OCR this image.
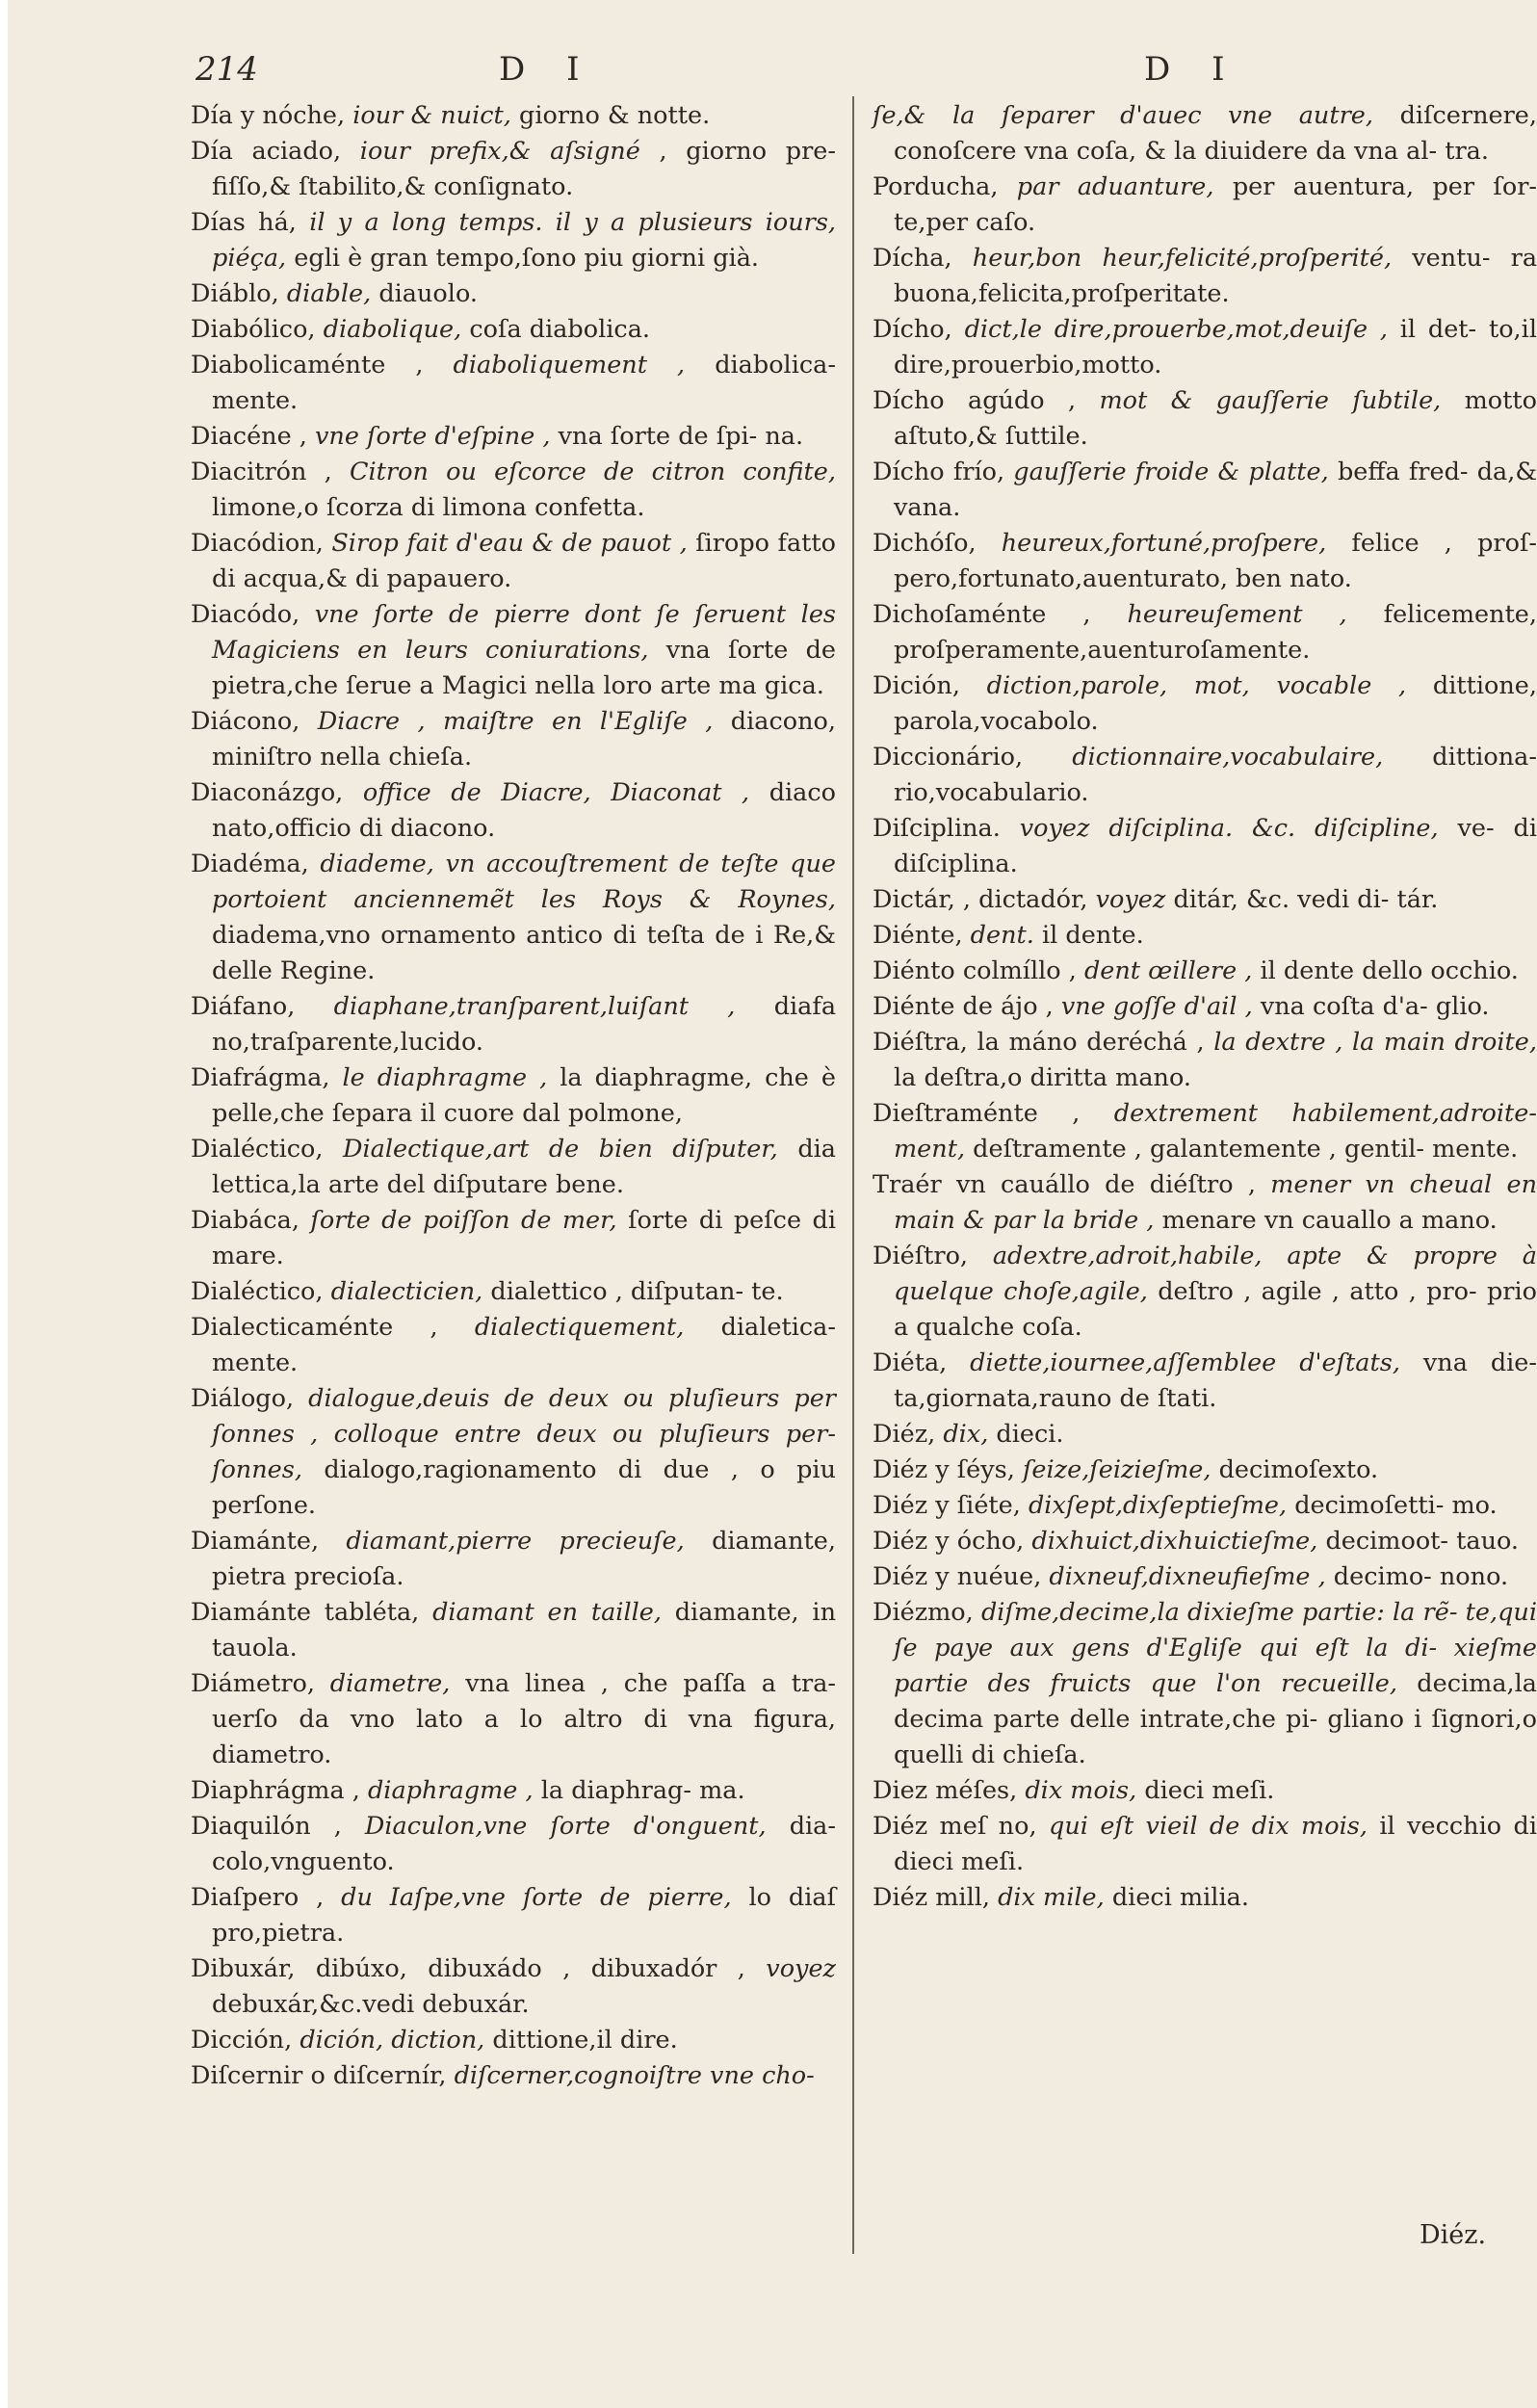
214	D I	D I

Día y nóche, iour & nuict, giorno & notte.

Día aciado, iour prefix,& aſsigné , giorno pre- fiſſo,& ſtabilito,& conſignato.

Días há, il y a long temps. il y a plusieurs iours, piéça, egli è gran tempo,ſono piu giorni già.

Diáblo, diable, diauolo.

Diabólico, diabolique, coſa diabolica.

Diabolicaménte , diaboliquement , diabolica- mente.

Diacéne , vne ſorte d'eſpine , vna ſorte de ſpi- na.

Diacitrón , Citron ou eſcorce de citron confite, limone,o ſcorza di limona confetta.

Diacódion, Sirop fait d'eau & de pauot , ſiropo fatto di acqua,& di papauero.

Diacódo, vne ſorte de pierre dont ſe ſeruent les Magiciens en leurs coniurations, vna ſorte de pietra,che ſerue a Magici nella loro arte ma gica.

Diácono, Diacre , maiſtre en l'Egliſe , diacono, miniſtro nella chieſa.

Diaconázgo, office de Diacre, Diaconat , diaco nato,officio di diacono.

Diadéma, diademe, vn accouſtrement de teſte que portoient anciennemẽt les Roys & Roynes, diadema,vno ornamento antico di teſta de i Re,& delle Regine.

Diáfano, diaphane,tranſparent,luiſant , diafa no,traſparente,lucido.

Diafrágma, le diaphragme , la diaphragme, che è pelle,che ſepara il cuore dal polmone,

Dialéctico, Dialectique,art de bien diſputer, dia lettica,la arte del diſputare bene.

Diabáca, ſorte de poiſſon de mer, ſorte di peſce di mare.

Dialéctico, dialecticien, dialettico , diſputan- te.

Dialecticaménte , dialectiquement, dialetica- mente.

Diálogo, dialogue,deuis de deux ou pluſieurs per ſonnes , colloque entre deux ou pluſieurs per- ſonnes, dialogo,ragionamento di due , o piu perſone.

Diamánte, diamant,pierre precieuſe, diamante, pietra precioſa.

Diamánte tabléta, diamant en taille, diamante, in tauola.

Diámetro, diametre, vna linea , che paſſa a tra- uerſo da vno lato a lo altro di vna figura, diametro.

Diaphrágma , diaphragme , la diaphrag- ma.

Diaquilón , Diaculon,vne ſorte d'onguent, dia- colo,vnguento.

Diaſpero , du Iaſpe,vne ſorte de pierre, lo diaſ pro,pietra.

Dibuxár, dibúxo, dibuxádo , dibuxadór , voyez debuxár,&c.vedi debuxár.

Dicción, dición, diction, dittione,il dire.

Diſcernir o diſcernír, diſcerner,cognoiſtre vne cho-

ſe,& la ſeparer d'auec vne autre, diſcernere, conoſcere vna coſa, & la diuidere da vna al- tra.

Porducha, par aduanture, per auentura, per ſor- te,per caſo.

Dícha, heur,bon heur,felicité,proſperité, ventu- ra buona,felicita,proſperitate.

Dícho, dict,le dire,prouerbe,mot,deuiſe , il det- to,il dire,prouerbio,motto.

Dícho agúdo , mot & gauſſerie ſubtile, motto aſtuto,& ſuttile.

Dícho frío, gauſſerie froide & platte, beffa fred- da,& vana.

Dichóſo, heureux,fortuné,proſpere, felice , proſ- pero,fortunato,auenturato, ben nato.

Dichoſaménte , heureuſement , felicemente, proſperamente,auenturoſamente.

Dición, diction,parole, mot, vocable , dittione, parola,vocabolo.

Diccionário, dictionnaire,vocabulaire, dittiona- rio,vocabulario.

Diſciplina. voyez diſciplina. &c. diſcipline, ve- di diſciplina.

Dictár, , dictadór, voyez ditár, &c. vedi di- tár.

Diénte, dent. il dente.

Diénto colmíllo , dent œillere , il dente dello occhio.

Diénte de ájo , vne goſſe d'ail , vna coſta d'a- glio.

Diéſtra, la máno deréchá , la dextre , la main droite, la deſtra,o diritta mano.

Dieſtraménte , dextrement habilement,adroite- ment, deſtramente , galantemente , gentil- mente.

Traér vn cauállo de diéſtro , mener vn cheual en main & par la bride , menare vn cauallo a mano.

Diéſtro, adextre,adroit,habile, apte & propre à quelque choſe,agile, deſtro , agile , atto , pro- prio a qualche coſa.

Diéta, diette,iournee,aſſemblee d'eſtats, vna die- ta,giornata,rauno de ſtati.

Diéz, dix, dieci.

Diéz y ſéys, ſeize,ſeizieſme, decimoſexto.

Diéz y ſiéte, dixſept,dixſeptieſme, decimoſetti- mo.

Diéz y ócho, dixhuict,dixhuictieſme, decimoot- tauo.

Diéz y nuéue, dixneuf,dixneufieſme , decimo- nono.

Diézmo, diſme,decime,la dixieſme partie: la rẽ- te,qui ſe paye aux gens d'Egliſe qui eſt la di- xieſme partie des fruicts que l'on recueille, decima,la decima parte delle intrate,che pi- gliano i ſignori,o quelli di chieſa.

Diez méſes, dix mois, dieci meſi.

Diéz meſ no, qui eſt vieil de dix mois, il vecchio di dieci meſi.

Diéz mill, dix mile, dieci milia.

Diéz.
